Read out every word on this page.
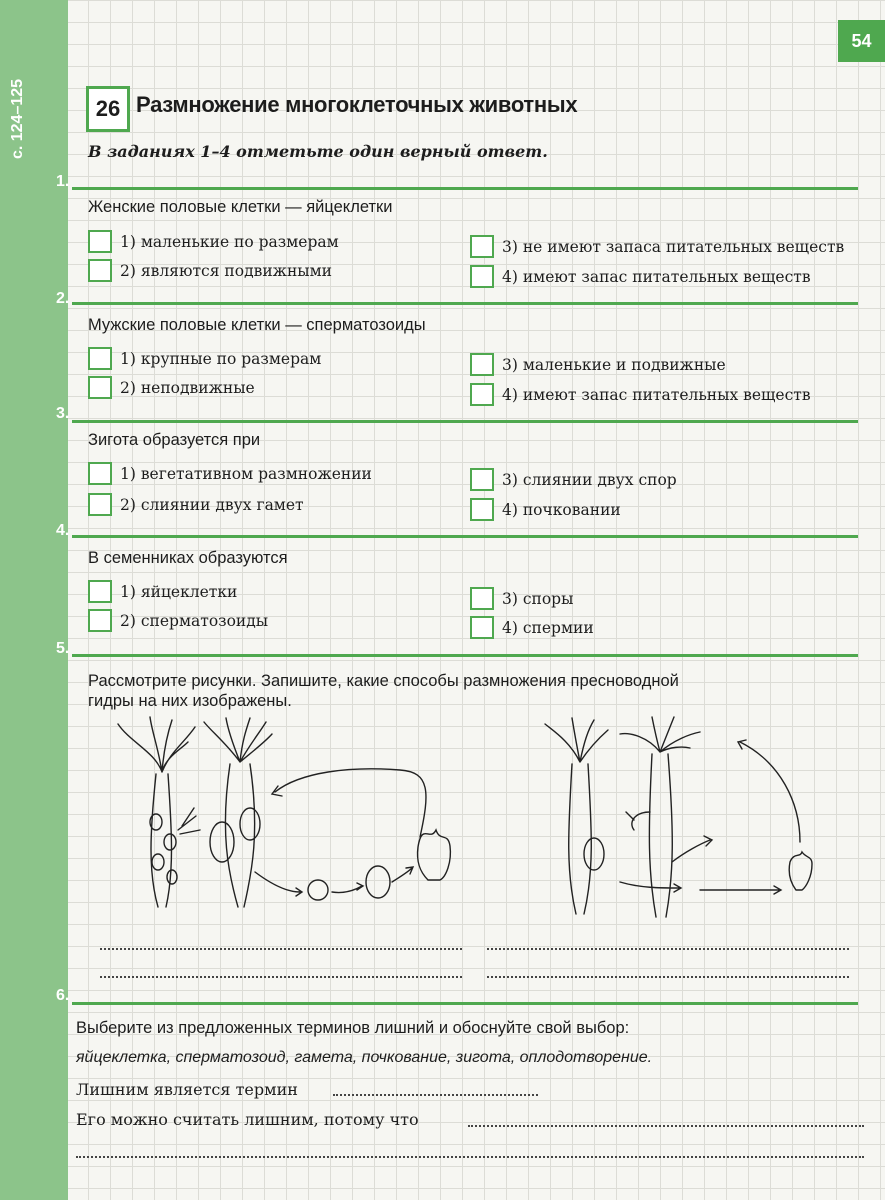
с. 124–125
54
26 Размножение многоклеточных животных
В заданиях 1–4 отметьте один верный ответ.
1.
Женские половые клетки — яйцеклетки
1) маленькие по размерам
2) являются подвижными
3) не имеют запаса питательных веществ
4) имеют запас питательных веществ
2.
Мужские половые клетки — сперматозоиды
1) крупные по размерам
2) неподвижные
3) маленькие и подвижные
4) имеют запас питательных веществ
3.
Зигота образуется при
1) вегетативном размножении
2) слиянии двух гамет
3) слиянии двух спор
4) почковании
4.
В семенниках образуются
1) яйцеклетки
2) сперматозоиды
3) споры
4) спермии
5.
Рассмотрите рисунки. Запишите, какие способы размножения пресноводной
гидры на них изображены.
6.
Выберите из предложенных терминов лишний и обоснуйте свой выбор:
яйцеклетка, сперматозоид, гамета, почкование, зигота, оплодотворение.
Лишним является термин
Его можно считать лишним, потому что
